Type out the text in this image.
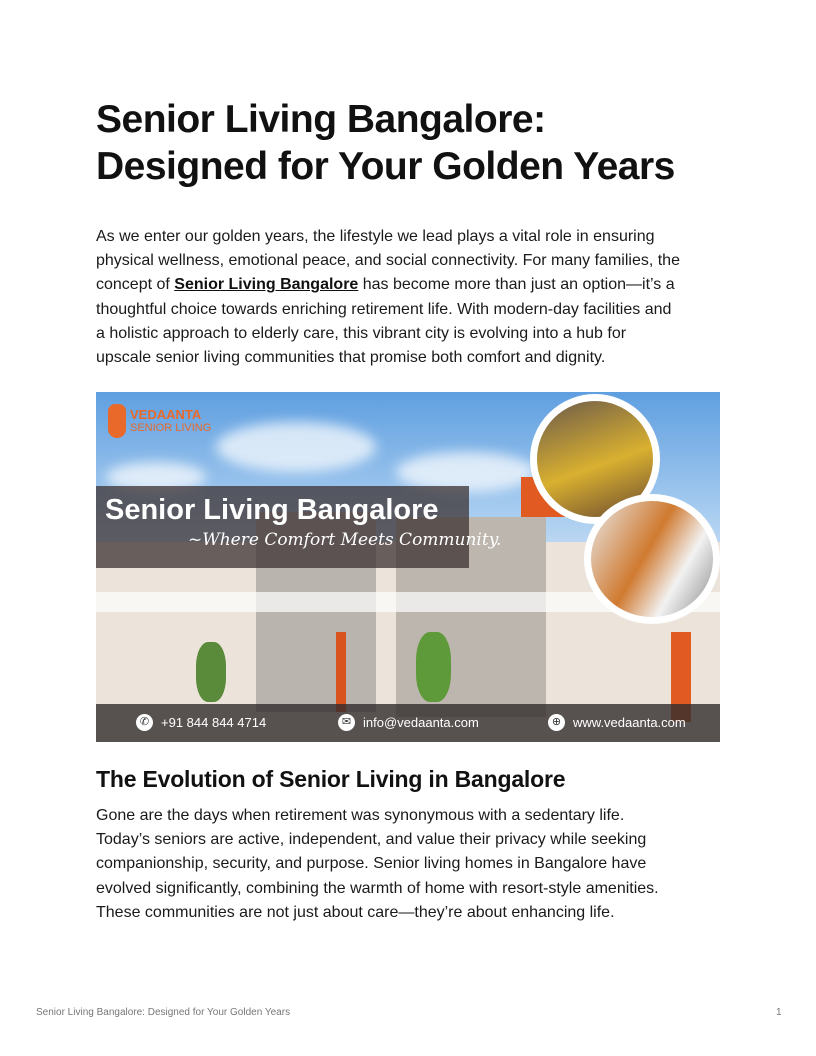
Senior Living Bangalore:
Designed for Your Golden Years
As we enter our golden years, the lifestyle we lead plays a vital role in ensuring
physical wellness, emotional peace, and social connectivity. For many families, the
concept of Senior Living Bangalore has become more than just an option—it’s a
thoughtful choice towards enriching retirement life. With modern-day facilities and
a holistic approach to elderly care, this vibrant city is evolving into a hub for
upscale senior living communities that promise both comfort and dignity.
VEDAANTA
SENIOR LIVING
Senior Living Bangalore
~Where Comfort Meets Community.
✆ +91 844 844 4714	✉ info@vedaanta.com	⊕ www.vedaanta.com
The Evolution of Senior Living in Bangalore
Gone are the days when retirement was synonymous with a sedentary life.
Today’s seniors are active, independent, and value their privacy while seeking
companionship, security, and purpose. Senior living homes in Bangalore have
evolved significantly, combining the warmth of home with resort-style amenities.
These communities are not just about care—they’re about enhancing life.
Senior Living Bangalore: Designed for Your Golden Years	1
